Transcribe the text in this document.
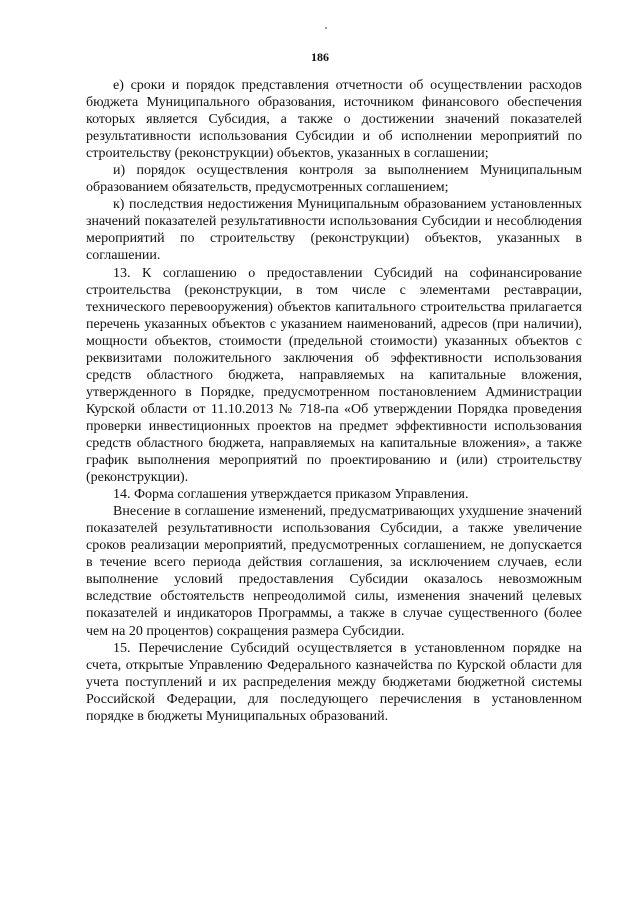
186

е) сроки и порядок представления отчетности об осуществлении расходов бюджета Муниципального образования, источником финансового обеспечения которых является Субсидия, а также о достижении значений показателей результативности использования Субсидии и об исполнении мероприятий по строительству (реконструкции) объектов, указанных в соглашении;

и) порядок осуществления контроля за выполнением Муниципальным образованием обязательств, предусмотренных соглашением;

к) последствия недостижения Муниципальным образованием установленных значений показателей результативности использования Субсидии и несоблюдения мероприятий по строительству (реконструкции) объектов, указанных в соглашении.

13. К соглашению о предоставлении Субсидий на софинансирование строительства (реконструкции, в том числе с элементами реставрации, технического перевооружения) объектов капитального строительства прилагается перечень указанных объектов с указанием наименований, адресов (при наличии), мощности объектов, стоимости (предельной стоимости) указанных объектов с реквизитами положительного заключения об эффективности использования средств областного бюджета, направляемых на капитальные вложения, утвержденного в Порядке, предусмотренном постановлением Администрации Курской области от 11.10.2013 № 718-па «Об утверждении Порядка проведения проверки инвестиционных проектов на предмет эффективности использования средств областного бюджета, направляемых на капитальные вложения», а также график выполнения мероприятий по проектированию и (или) строительству (реконструкции).

14. Форма соглашения утверждается приказом Управления.

Внесение в соглашение изменений, предусматривающих ухудшение значений показателей результативности использования Субсидии, а также увеличение сроков реализации мероприятий, предусмотренных соглашением, не допускается в течение всего периода действия соглашения, за исключением случаев, если выполнение условий предоставления Субсидии оказалось невозможным вследствие обстоятельств непреодолимой силы, изменения значений целевых показателей и индикаторов Программы, а также в случае существенного (более чем на 20 процентов) сокращения размера Субсидии.

15. Перечисление Субсидий осуществляется в установленном порядке на счета, открытые Управлению Федерального казначейства по Курской области для учета поступлений и их распределения между бюджетами бюджетной системы Российской Федерации, для последующего перечисления в установленном порядке в бюджеты Муниципальных образований.
